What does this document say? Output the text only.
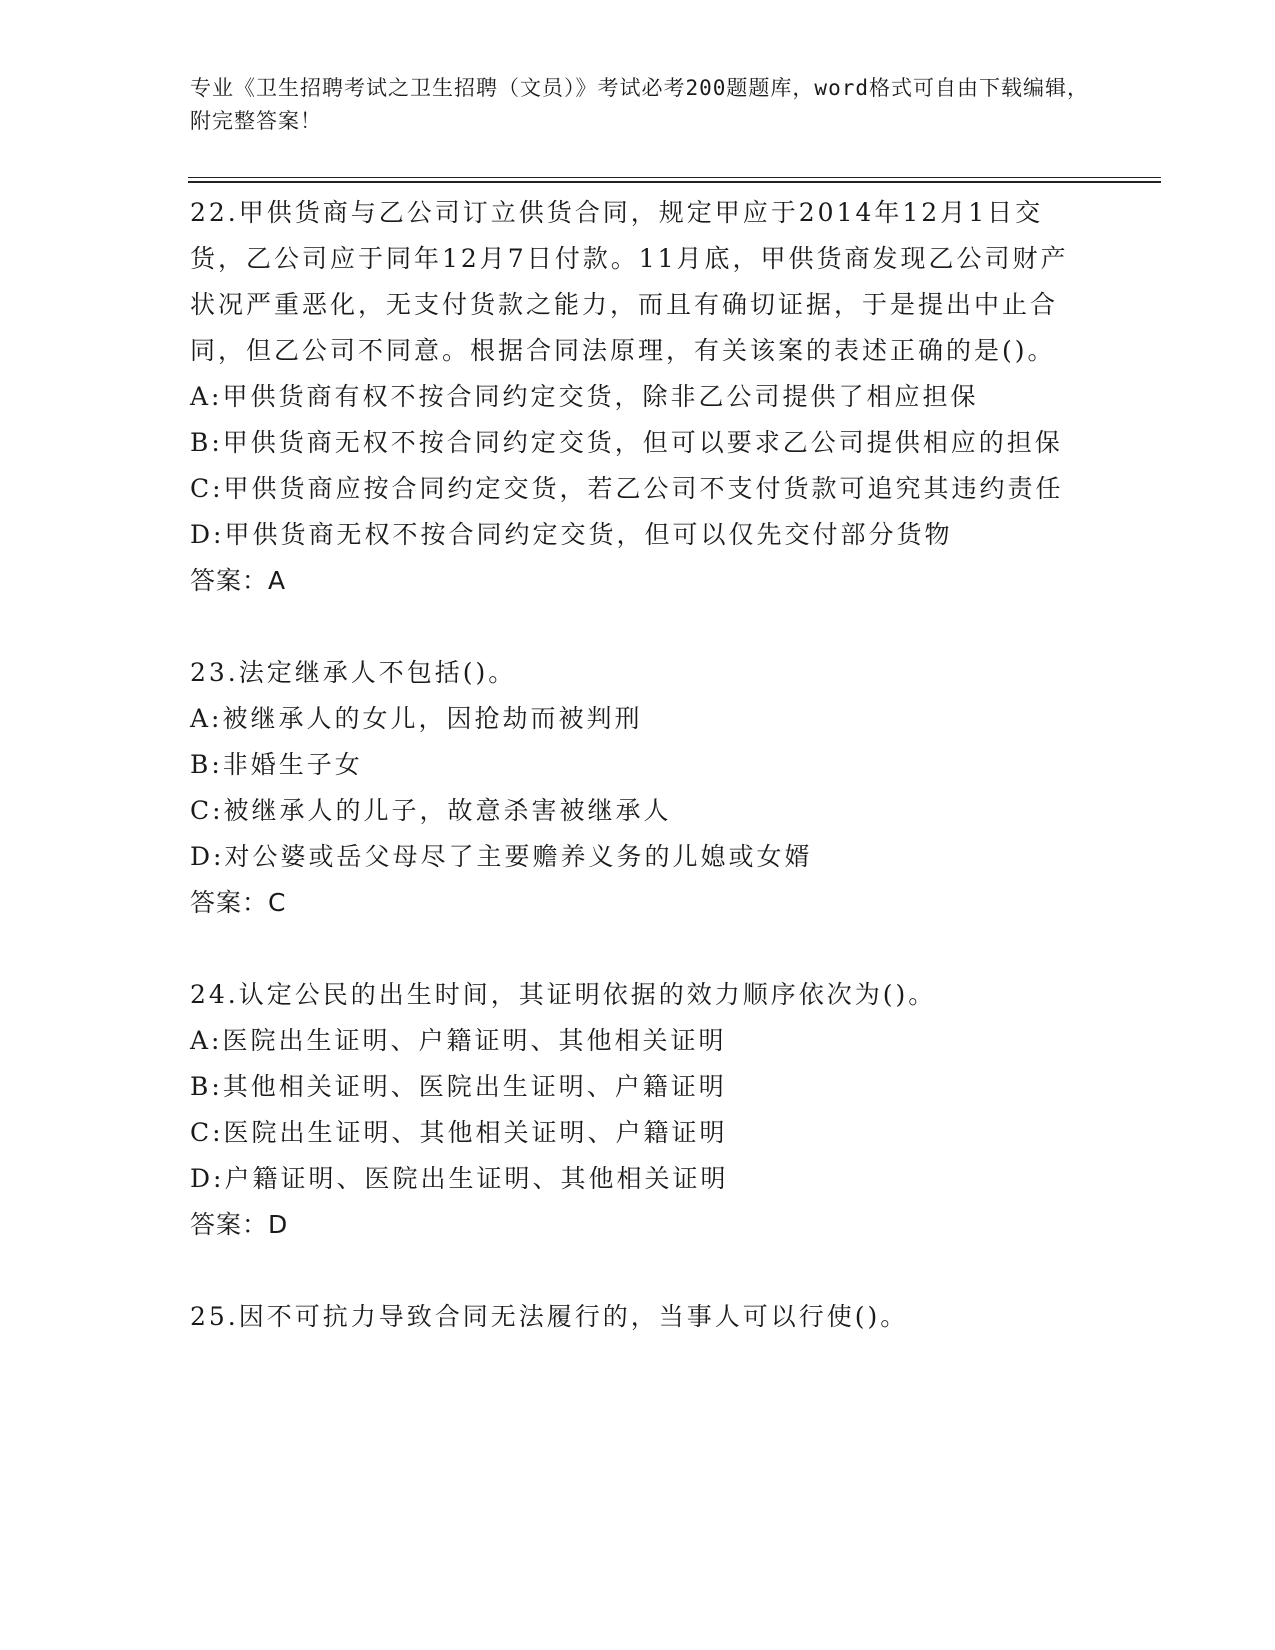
专业《卫生招聘考试之卫生招聘（文员）》考试必考200题题库，word格式可自由下载编辑，附完整答案！

22.甲供货商与乙公司订立供货合同，规定甲应于2014年12月1日交货，乙公司应于同年12月7日付款。11月底，甲供货商发现乙公司财产状况严重恶化，无支付货款之能力，而且有确切证据，于是提出中止合同，但乙公司不同意。根据合同法原理，有关该案的表述正确的是()。

A:甲供货商有权不按合同约定交货，除非乙公司提供了相应担保

B:甲供货商无权不按合同约定交货，但可以要求乙公司提供相应的担保

C:甲供货商应按合同约定交货，若乙公司不支付货款可追究其违约责任

D:甲供货商无权不按合同约定交货，但可以仅先交付部分货物

答案：A

23.法定继承人不包括()。

A:被继承人的女儿，因抢劫而被判刑

B:非婚生子女

C:被继承人的儿子，故意杀害被继承人

D:对公婆或岳父母尽了主要赡养义务的儿媳或女婿

答案：C

24.认定公民的出生时间，其证明依据的效力顺序依次为()。

A:医院出生证明、户籍证明、其他相关证明

B:其他相关证明、医院出生证明、户籍证明

C:医院出生证明、其他相关证明、户籍证明

D:户籍证明、医院出生证明、其他相关证明

答案：D

25.因不可抗力导致合同无法履行的，当事人可以行使()。
